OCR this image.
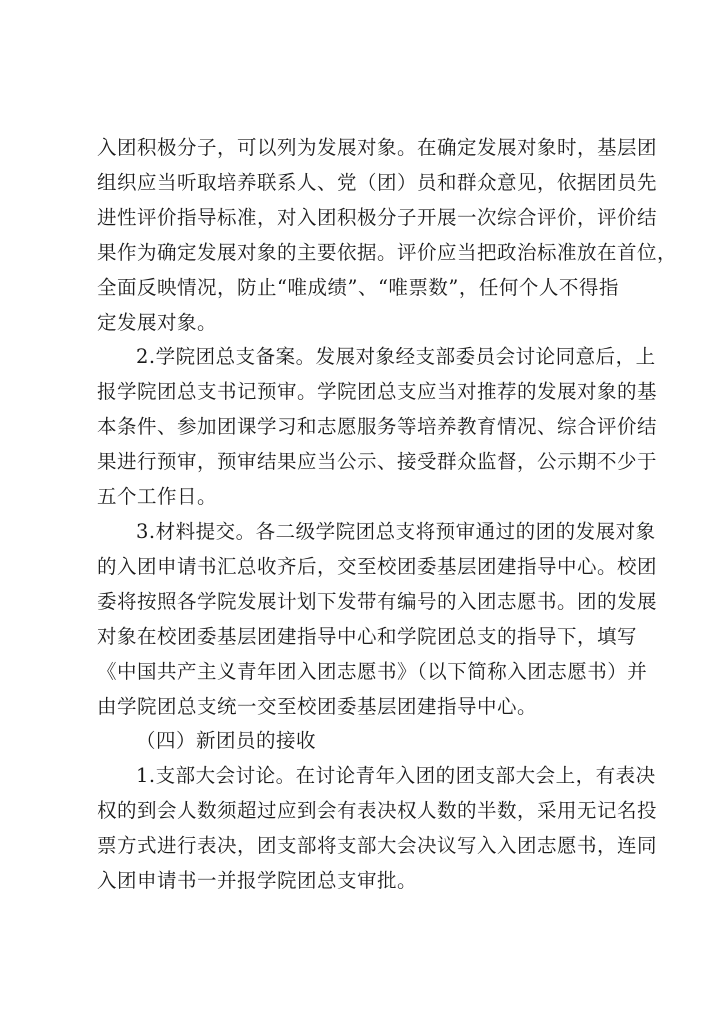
入团积极分子，可以列为发展对象。在确定发展对象时，基层团
组织应当听取培养联系人、党（团）员和群众意见，依据团员先
进性评价指导标准，对入团积极分子开展一次综合评价，评价结
果作为确定发展对象的主要依据。评价应当把政治标准放在首位，
全面反映情况，防止“唯成绩”、“唯票数”，任何个人不得指
定发展对象。

2.学院团总支备案。发展对象经支部委员会讨论同意后，上
报学院团总支书记预审。学院团总支应当对推荐的发展对象的基
本条件、参加团课学习和志愿服务等培养教育情况、综合评价结
果进行预审，预审结果应当公示、接受群众监督，公示期不少于
五个工作日。

3.材料提交。各二级学院团总支将预审通过的团的发展对象
的入团申请书汇总收齐后，交至校团委基层团建指导中心。校团
委将按照各学院发展计划下发带有编号的入团志愿书。团的发展
对象在校团委基层团建指导中心和学院团总支的指导下，填写
《中国共产主义青年团入团志愿书》（以下简称入团志愿书）并
由学院团总支统一交至校团委基层团建指导中心。

（四）新团员的接收

1.支部大会讨论。在讨论青年入团的团支部大会上，有表决
权的到会人数须超过应到会有表决权人数的半数，采用无记名投
票方式进行表决，团支部将支部大会决议写入入团志愿书，连同
入团申请书一并报学院团总支审批。
